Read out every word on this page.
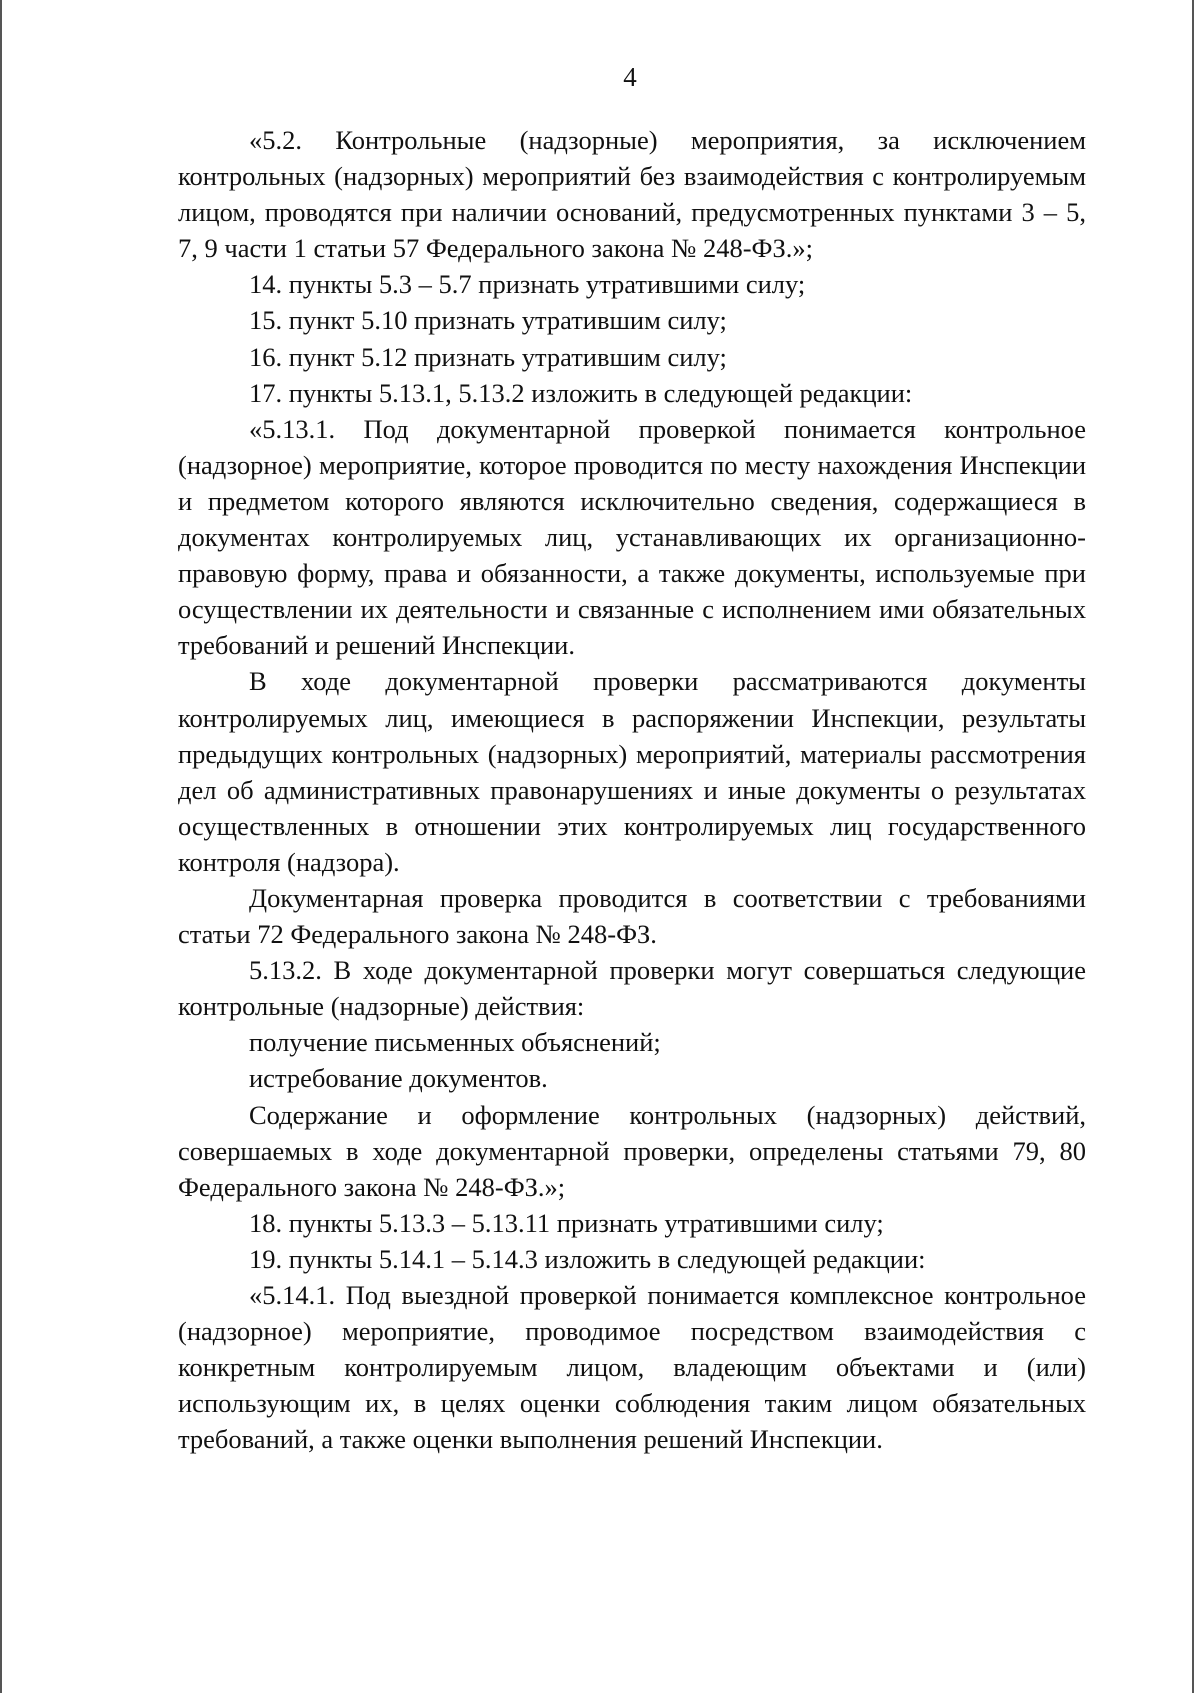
4

«5.2. Контрольные (надзорные) мероприятия, за исключением контрольных (надзорных) мероприятий без взаимодействия с контролируемым лицом, проводятся при наличии оснований, предусмотренных пунктами 3 – 5, 7, 9 части 1 статьи 57 Федерального закона № 248-ФЗ.»;

14. пункты 5.3 – 5.7 признать утратившими силу;

15. пункт 5.10 признать утратившим силу;

16. пункт 5.12 признать утратившим силу;

17. пункты 5.13.1, 5.13.2 изложить в следующей редакции:

«5.13.1. Под документарной проверкой понимается контрольное (надзорное) мероприятие, которое проводится по месту нахождения Инспекции и предметом которого являются исключительно сведения, содержащиеся в документах контролируемых лиц, устанавливающих их организационно-правовую форму, права и обязанности, а также документы, используемые при осуществлении их деятельности и связанные с исполнением ими обязательных требований и решений Инспекции.

В ходе документарной проверки рассматриваются документы контролируемых лиц, имеющиеся в распоряжении Инспекции, результаты предыдущих контрольных (надзорных) мероприятий, материалы рассмотрения дел об административных правонарушениях и иные документы о результатах осуществленных в отношении этих контролируемых лиц государственного контроля (надзора).

Документарная проверка проводится в соответствии с требованиями статьи 72 Федерального закона № 248-ФЗ.

5.13.2. В ходе документарной проверки могут совершаться следующие контрольные (надзорные) действия:

получение письменных объяснений;

истребование документов.

Содержание и оформление контрольных (надзорных) действий, совершаемых в ходе документарной проверки, определены статьями 79, 80 Федерального закона № 248-ФЗ.»;

18. пункты 5.13.3 – 5.13.11 признать утратившими силу;

19. пункты 5.14.1 – 5.14.3 изложить в следующей редакции:

«5.14.1. Под выездной проверкой понимается комплексное контрольное (надзорное) мероприятие, проводимое посредством взаимодействия с конкретным контролируемым лицом, владеющим объектами и (или) использующим их, в целях оценки соблюдения таким лицом обязательных требований, а также оценки выполнения решений Инспекции.
